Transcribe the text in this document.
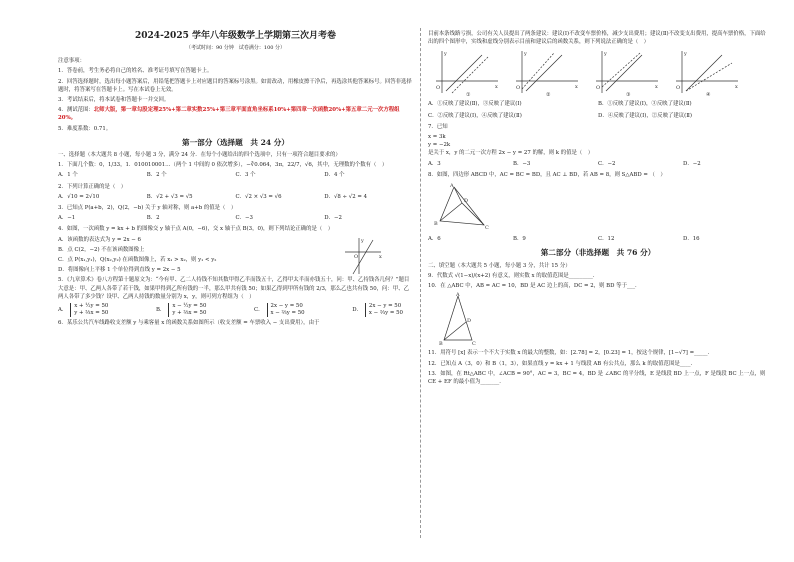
2024-2025 学年八年级数学上学期第三次月考卷
（考试时间：90 分钟　试卷满分：100 分）

注意事项：

1．答卷前，考生务必将自己的姓名、准考证号填写在答题卡上。

2．回答选择题时，选出每小题答案后，用铅笔把答题卡上对应题目的答案标号涂黑。如需改动，用橡皮擦干净后，再选涂其他答案标号。回答非选择题时，将答案写在答题卡上。写在本试卷上无效。

3．考试结束后，将本试卷和答题卡一并交回。

4．测试范围：北师大版，第一章勾股定理25%+第二章实数25%+第三章平面直角坐标系10%+第四章一次函数20%+第五章二元一次方程组20%。

5．难度系数：0.71。

第一部分（选择题　共 24 分）

一、选择题（本大题共 8 小题，每小题 3 分，满分 24 分．在每个小题给出的四个选项中，只有一项符合题目要求的）

1．下面几个数：0，1/33，1．010010001…（两个 1 中间的 0 依次增多），−∛0.064，3π，22/7，√6，其中，无理数的个数有（　）

A．1 个	B．2 个	C．3 个	D．4 个

2．下列计算正确的是（　）

A．√10 = 2√10	B．√2 + √3 = √5	C．√2 × √3 = √6	D．√8 ÷ √2 = 4

3．已知点 P(a+b，2)，Q(2，−b) 关于 y 轴对称，则 a+b 的值是（　）

A．−1	B．2	C．−3	D．−2

4．如图，一次函数 y = kx + b 的图像交 y 轴于点 A(0，−6)，交 x 轴于点 B(3，0)，则下列结论正确的是（　）

O	x
y

A．该函数的表达式为 y = 2x − 6

B．点 C(2，−2) 不在该函数图像上

C．点 P(x₁,y₁)，Q(x₂,y₂) 在函数图像上，若 x₁ > x₂，则 y₁ < y₂

D．将图像向上平移 1 个单位得到直线 y = 2x − 5

5．《九章算术》卷八方程第十题原文为：“今有甲、乙二人持钱不知其数甲得乙半而钱五十，乙得甲太半而亦钱五十，问：甲、乙持钱各几何？”题目大意是：甲、乙两人各带了若干钱，如果甲得到乙所有钱的一半，那么甲共有钱 50；如果乙得到甲所有钱的 2/3，那么乙也共有钱 50，问：甲、乙两人各带了多少钱？设甲、乙两人持钱的数量分别为 x，y，则可列方程组为（　）

A．
x + ½y = 50
y + ⅔x = 50
B．
x − ½y = 50
y + ⅔x = 50
C．
2x − y = 50
x − ⅔y = 50
D．
2x − y = 50
x − ⅔y = 50

6．某乐公共汽车线路收支差额 y 与乘客量 x 的函数关系如图所示（收支差额 = 车票收入 − 支出费用），由于

目前本条线路亏损，公司有关人员提出了两条建议：建议(Ⅰ)不改变车票价格，减少支出费用；建议(Ⅱ)不改变支出费用，提高车票价格，下面给出的四个图形中，实线和虚线分别表示目前和建议后的函数关系，则下列说法正确的是（　）

O	x
y
①
O	x
y
②
O	x
y
③
O	x
y
④
A．①反映了建议(Ⅱ)，③反映了建议(Ⅰ)	B．①反映了建议(Ⅰ)，③反映了建议(Ⅱ)
C．②反映了建议(Ⅰ)，④反映了建议(Ⅱ)	D．④反映了建议(Ⅰ)，②反映了建议(Ⅱ)

7．已知

x = 3k
y = −2k
是关于 x，y 的二元一次方程 2x − y = 27 的解，则 k 的值是（　）

A．3	B．−3	C．−2	D．−2

8．如图，四边形 ABCD 中，AC = BC = BD，且 AC ⊥ BD，若 AB = 8，则 S△ABD = （　）

A
B
C
D
A．6	B．9	C．12	D．16
第二部分（非选择题　共 76 分）

二、填空题（本大题共 5 小题，每小题 3 分，共计 15 分）

9．代数式 √(1−x)/(x+2) 有意义，则实数 x 的取值范围是_________．

10．在 △ABC 中，AB = AC = 10，BD 是 AC 边上的高，DC = 2，则 BD 等于___．

A
B	C
D

11．用符号 [x] 表示一个不大于实数 x 的最大的整数，如：[2.78] = 2，[0.23] = 1，按这个规律，[1−√7] =_____．

12．已知点 A（3，0）和 B（1，3），如果直线 y = kx + 1 与线段 AB 有公共点，那么 k 的取值范围是____．

13．如图，在 Rt△ABC 中，∠ACB = 90°，AC = 3，BC = 4，BD 是 ∠ABC 的平分线，E 是线段 BD 上一点，F 是线段 BC 上一点，则 CE + EF 的最小值为_______．
